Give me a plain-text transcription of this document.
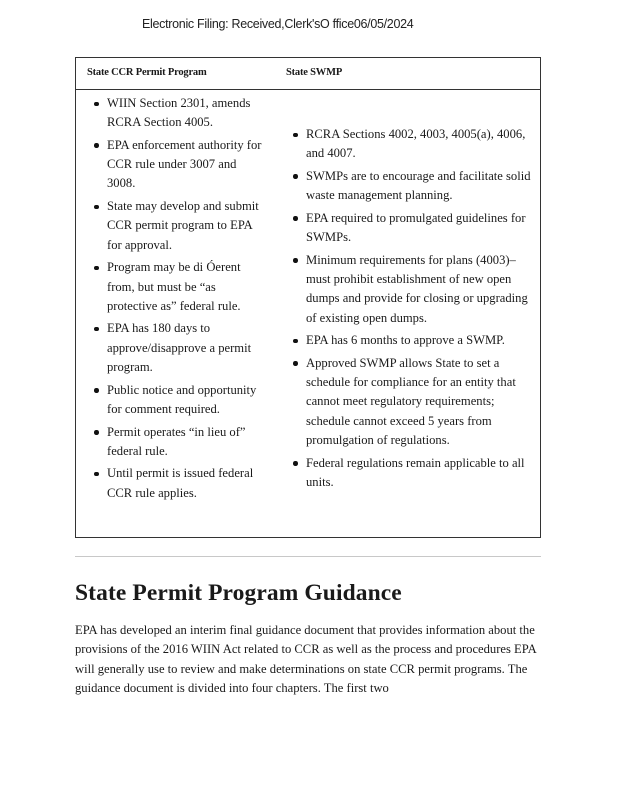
Electronic Filing: Received,Clerk'sO ffice06/05/2024
State CCR Permit Program	State SWMP
WIIN Section 2301, amends RCRA Section 4005.
EPA enforcement authority for CCR rule under 3007 and 3008.
State may develop and submit CCR permit program to EPA for approval.
Program may be di Óerent from, but must be “as protective as” federal rule.
EPA has 180 days to approve/disapprove a permit program.
Public notice and opportunity for comment required.
Permit operates “in lieu of” federal rule.
Until permit is issued federal CCR rule applies.
RCRA Sections 4002, 4003, 4005(a), 4006, and 4007.
SWMPs are to encourage and facilitate solid waste management planning.
EPA required to promulgated guidelines for SWMPs.
Minimum requirements for plans (4003)–must prohibit establishment of new open dumps and provide for closing or upgrading of existing open dumps.
EPA has 6 months to approve a SWMP.
Approved SWMP allows State to set a schedule for compliance for an entity that cannot meet regulatory requirements; schedule cannot exceed 5 years from promulgation of regulations.
Federal regulations remain applicable to all units.
State Permit Program Guidance

EPA has developed an interim final guidance document that provides information about the provisions of the 2016 WIIN Act related to CCR as well as the process and procedures EPA will generally use to review and make determinations on state CCR permit programs. The guidance document is divided into four chapters. The first two
